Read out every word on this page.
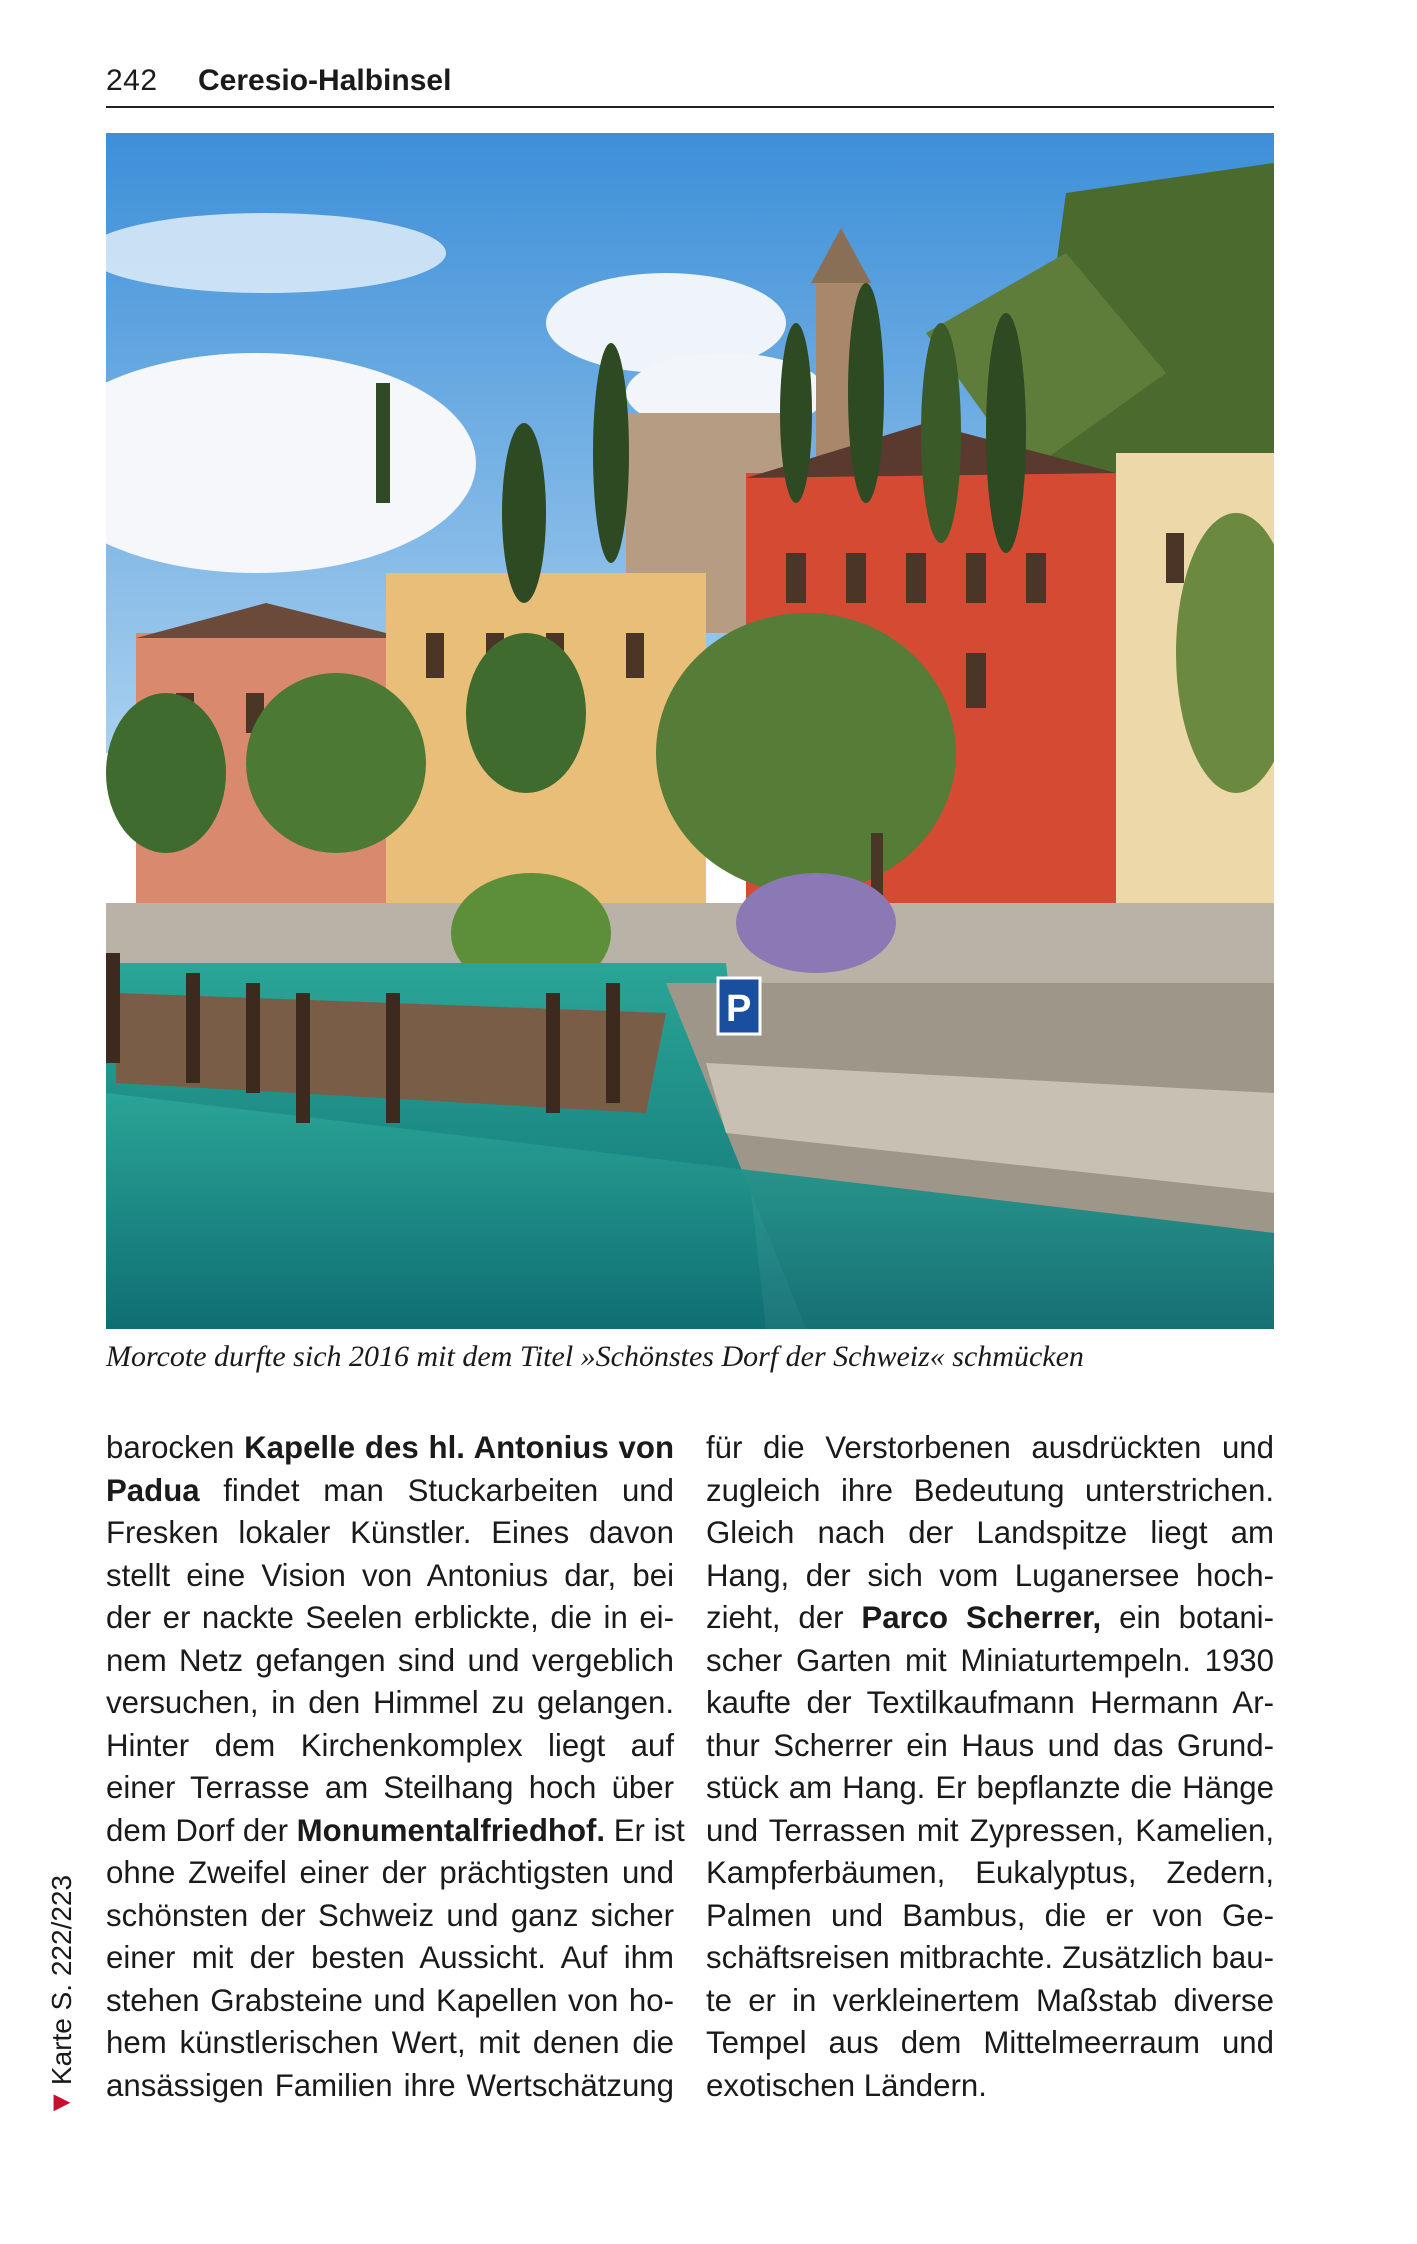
242 Ceresio-Halbinsel
P
Morcote durfte sich 2016 mit dem Titel »Schönstes Dorf der Schweiz« schmücken
barocken Kapelle des hl. Antonius von
Padua findet man Stuckarbeiten und
Fresken lokaler Künstler. Eines davon
stellt eine Vision von Antonius dar, bei
der er nackte Seelen erblickte, die in ei-
nem Netz gefangen sind und vergeblich
versuchen, in den Himmel zu gelangen.
Hinter dem Kirchenkomplex liegt auf
einer Terrasse am Steilhang hoch über
dem Dorf der Monumentalfriedhof. Er ist
ohne Zweifel einer der prächtigsten und
schönsten der Schweiz und ganz sicher
einer mit der besten Aussicht. Auf ihm
stehen Grabsteine und Kapellen von ho-
hem künstlerischen Wert, mit denen die
ansässigen Familien ihre Wertschätzung
für die Verstorbenen ausdrückten und
zugleich ihre Bedeutung unterstrichen.
Gleich nach der Landspitze liegt am
Hang, der sich vom Luganersee hoch-
zieht, der Parco Scherrer, ein botani-
scher Garten mit Miniaturtempeln. 1930
kaufte der Textilkaufmann Hermann Ar-
thur Scherrer ein Haus und das Grund-
stück am Hang. Er bepflanzte die Hänge
und Terrassen mit Zypressen, Kamelien,
Kampferbäumen, Eukalyptus, Zedern,
Palmen und Bambus, die er von Ge-
schäftsreisen mitbrachte. Zusätzlich bau-
te er in verkleinertem Maßstab diverse
Tempel aus dem Mittelmeerraum und
exotischen Ländern.
▶
Karte S. 222/223
